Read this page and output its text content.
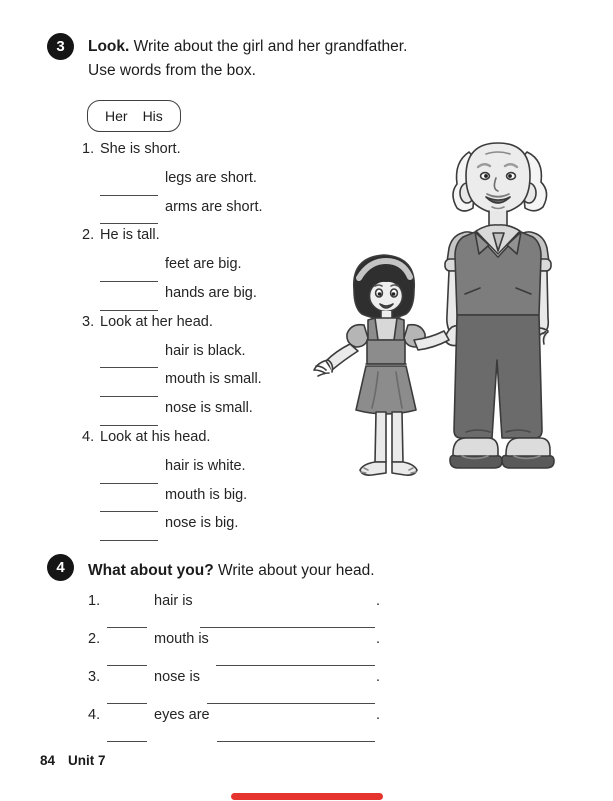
3 Look. Write about the girl and her grandfather.
Use words from the box.
Her His
1. She is short.
legs are short.
arms are short.
2. He is tall.
feet are big.
hands are big.
3. Look at her head.
hair is black.
mouth is small.
nose is small.
4. Look at his head.
hair is white.
mouth is big.
nose is big.
4 What about you? Write about your head.
1.	hair is	.
2.	mouth is	.
3.	nose is	.
4.	eyes are	.
84 Unit 7
